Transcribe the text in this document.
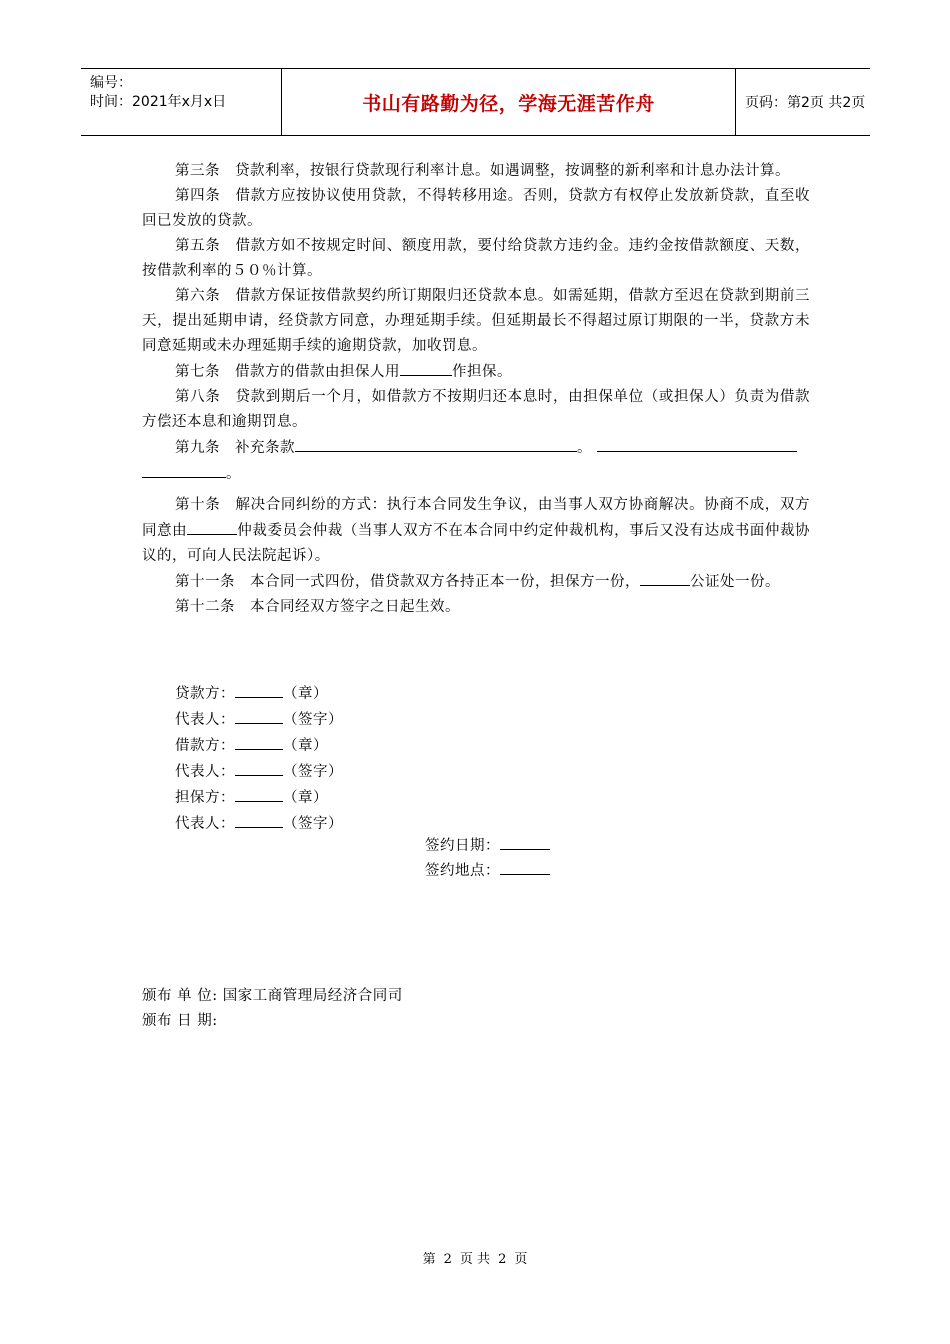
编号：
时间：2021年x月x日	书山有路勤为径，学海无涯苦作舟	页码：第2页 共2页

第三条　贷款利率，按银行贷款现行利率计息。如遇调整，按调整的新利率和计息办法计算。

第四条　借款方应按协议使用贷款，不得转移用途。否则，贷款方有权停止发放新贷款，直至收回已发放的贷款。

第五条　借款方如不按规定时间、额度用款，要付给贷款方违约金。违约金按借款额度、天数，按借款利率的５０％计算。

第六条　借款方保证按借款契约所订期限归还贷款本息。如需延期，借款方至迟在贷款到期前三天，提出延期申请，经贷款方同意，办理延期手续。但延期最长不得超过原订期限的一半，贷款方未同意延期或未办理延期手续的逾期贷款，加收罚息。

第七条　借款方的借款由担保人用	作担保。

第八条　贷款到期后一个月，如借款方不按期归还本息时，由担保单位（或担保人）负责为借款方偿还本息和逾期罚息。

第九条　补充条款	。
。

第十条　解决合同纠纷的方式：执行本合同发生争议，由当事人双方协商解决。协商不成，双方同意由	仲裁委员会仲裁（当事人双方不在本合同中约定仲裁机构，事后又没有达成书面仲裁协议的，可向人民法院起诉）。

第十一条　本合同一式四份，借贷款双方各持正本一份，担保方一份，	公证处一份。

第十二条　本合同经双方签字之日起生效。

贷款方：	（章）
代表人：	（签字）
借款方：	（章）
代表人：	（签字）
担保方：	（章）
代表人：	（签字）
签约日期：
签约地点：
颁布 单 位: 国家工商管理局经济合同司
颁布 日 期:
第 2 页 共 2 页
